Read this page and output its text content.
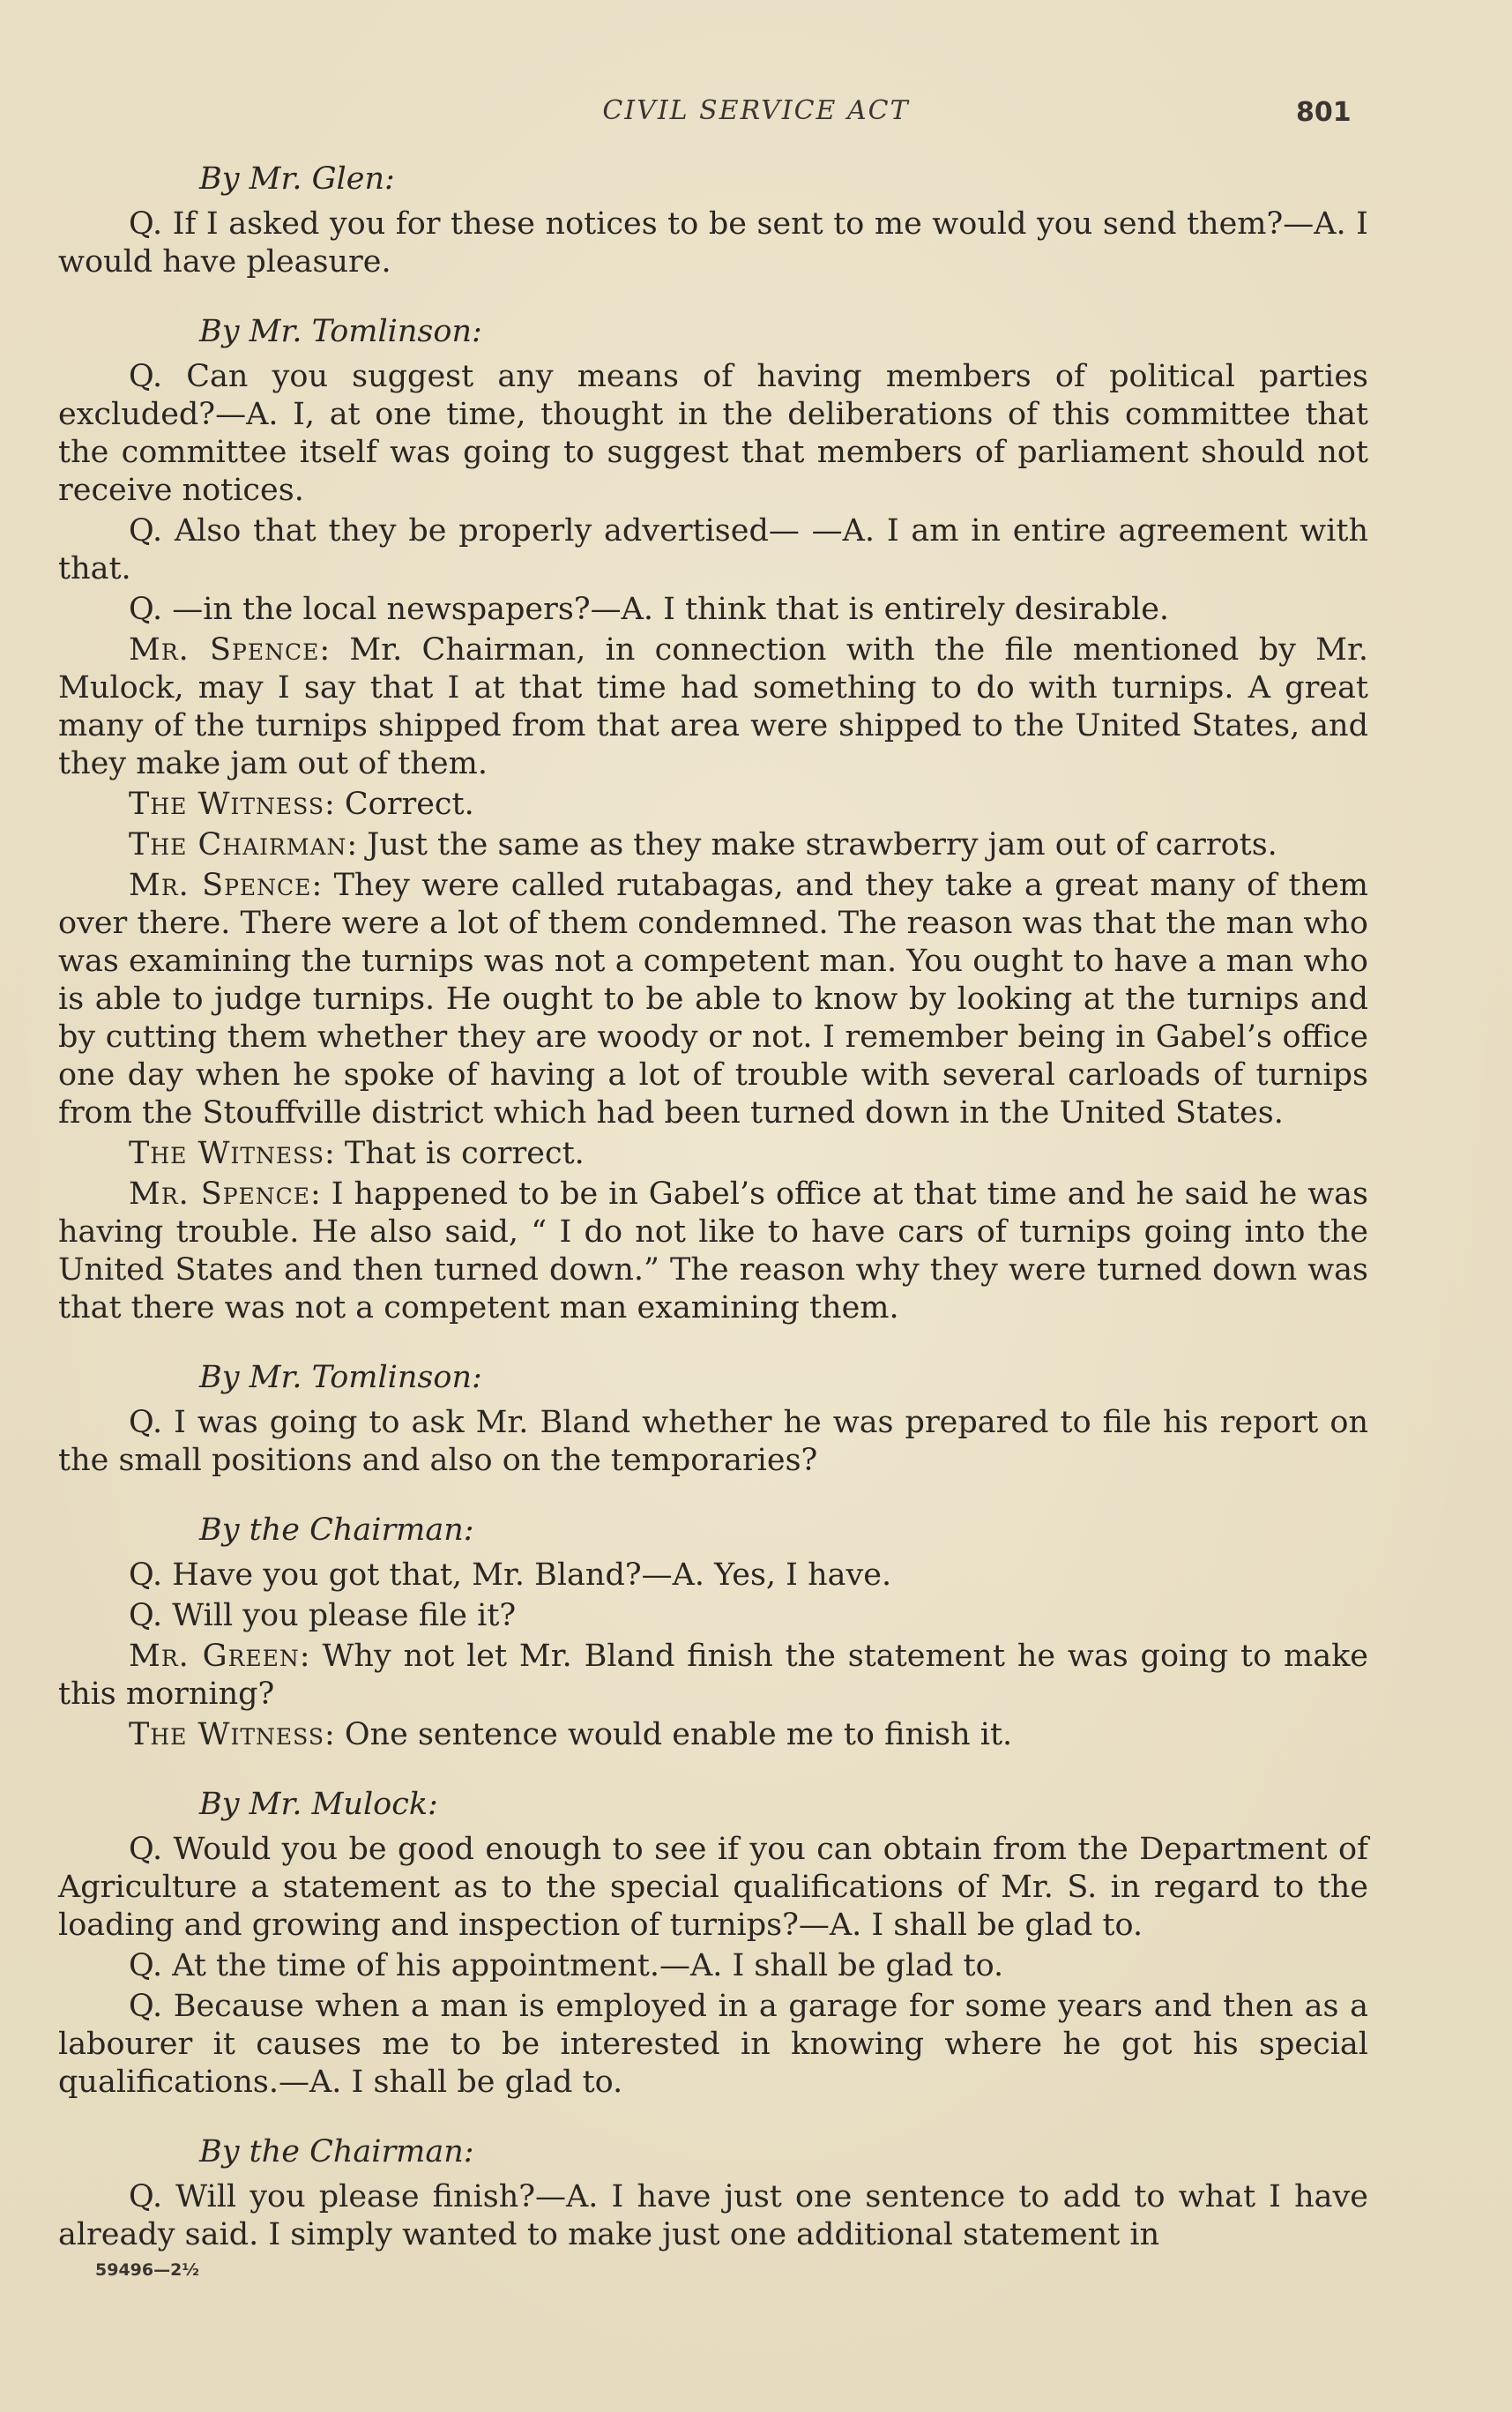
CIVIL SERVICE ACT	801
By Mr. Glen:

Q. If I asked you for these notices to be sent to me would you send them?—A. I would have pleasure.

By Mr. Tomlinson:

Q. Can you suggest any means of having members of political parties excluded?—A. I, at one time, thought in the deliberations of this committee that the committee itself was going to suggest that members of parliament should not receive notices.

Q. Also that they be properly advertised— —A. I am in entire agreement with that.

Q. —in the local newspapers?—A. I think that is entirely desirable.

Mr. Spence: Mr. Chairman, in connection with the file mentioned by Mr. Mulock, may I say that I at that time had something to do with turnips. A great many of the turnips shipped from that area were shipped to the United States, and they make jam out of them.

The Witness: Correct.

The Chairman: Just the same as they make strawberry jam out of carrots.

Mr. Spence: They were called rutabagas, and they take a great many of them over there. There were a lot of them condemned. The reason was that the man who was examining the turnips was not a competent man. You ought to have a man who is able to judge turnips. He ought to be able to know by looking at the turnips and by cutting them whether they are woody or not. I remember being in Gabel’s office one day when he spoke of having a lot of trouble with several carloads of turnips from the Stouffville district which had been turned down in the United States.

The Witness: That is correct.

Mr. Spence: I happened to be in Gabel’s office at that time and he said he was having trouble. He also said, “ I do not like to have cars of turnips going into the United States and then turned down.” The reason why they were turned down was that there was not a competent man examining them.

By Mr. Tomlinson:

Q. I was going to ask Mr. Bland whether he was prepared to file his report on the small positions and also on the temporaries?

By the Chairman:

Q. Have you got that, Mr. Bland?—A. Yes, I have.

Q. Will you please file it?

Mr. Green: Why not let Mr. Bland finish the statement he was going to make this morning?

The Witness: One sentence would enable me to finish it.

By Mr. Mulock:

Q. Would you be good enough to see if you can obtain from the Department of Agriculture a statement as to the special qualifications of Mr. S. in regard to the loading and growing and inspection of turnips?—A. I shall be glad to.

Q. At the time of his appointment.—A. I shall be glad to.

Q. Because when a man is employed in a garage for some years and then as a labourer it causes me to be interested in knowing where he got his special qualifications.—A. I shall be glad to.

By the Chairman:

Q. Will you please finish?—A. I have just one sentence to add to what I have already said. I simply wanted to make just one additional statement in

59496—2½
